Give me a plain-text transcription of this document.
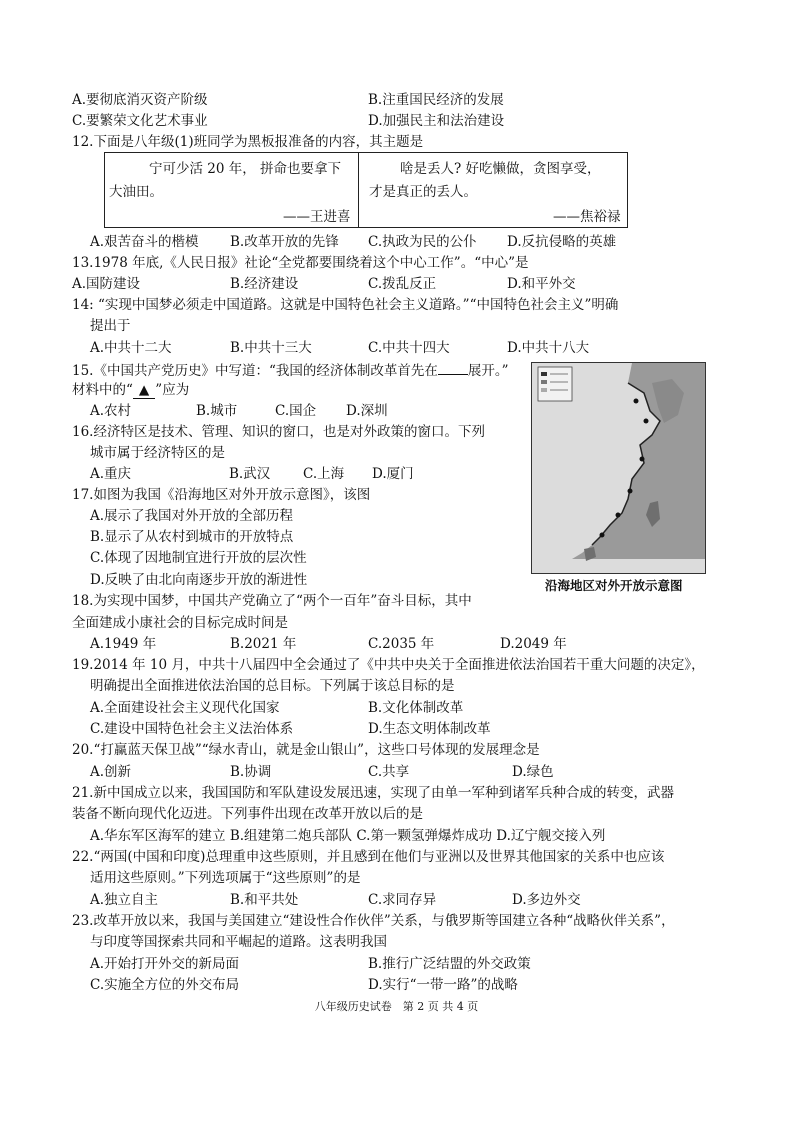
A.要彻底消灭资产阶级	B.注重国民经济的发展
C.要繁荣文化艺术事业	D.加强民主和法治建设
12.下面是八年级(1)班同学为黑板报准备的内容，其主题是
宁可少活 20 年， 拼命也要拿下
大油田。
——王进喜
啥是丢人? 好吃懒做，贪图享受，
才是真正的丢人。
——焦裕禄
A.艰苦奋斗的楷模 B.改革开放的先锋 C.执政为民的公仆 D.反抗侵略的英雄
13.1978 年底,《人民日报》社论“全党都要围绕着这个中心工作”。“中心”是
A.国防建设	B.经济建设	C.拨乱反正	D.和平外交
14: “实现中国梦必须走中国道路。这就是中国特色社会主义道路。”“中国特色社会主义”明确
提出于
A.中共十二大	B.中共十三大	C.中共十四大	D.中共十八大
15.《中国共产党历史》中写道：“我国的经济体制改革首先在 展开。”
材料中的“ ▲ ”应为
A.农村	B.城市	C.国企 D.深圳
16.经济特区是技术、管理、知识的窗口，也是对外政策的窗口。下列
城市属于经济特区的是
A.重庆	B.武汉 C.上海 D.厦门
17.如图为我国《沿海地区对外开放示意图》，该图
A.展示了我国对外开放的全部历程
B.显示了从农村到城市的开放特点
C.体现了因地制宜进行开放的层次性
D.反映了由北向南逐步开放的渐进性	沿海地区对外开放示意图
18.为实现中国梦，中国共产党确立了“两个一百年”奋斗目标，其中
全面建成小康社会的目标完成时间是
A.1949 年	B.2021 年	C.2035 年	D.2049 年
19.2014 年 10 月，中共十八届四中全会通过了《中共中央关于全面推进依法治国若干重大问题的决定》，
明确提出全面推进依法治国的总目标。下列属于该总目标的是
A.全面建设社会主义现代化国家	B.文化体制改革
C.建设中国特色社会主义法治体系	D.生态文明体制改革
20.“打赢蓝天保卫战”“绿水青山，就是金山银山”，这些口号体现的发展理念是
A.创新	B.协调	C.共享	D.绿色
21.新中国成立以来，我国国防和军队建设发展迅速，实现了由单一军种到诸军兵种合成的转变，武器
装备不断向现代化迈进。下列事件出现在改革开放以后的是
A.华东军区海军的建立 B.组建第二炮兵部队 C.第一颗氢弹爆炸成功 D.辽宁舰交接入列
22.“两国(中国和印度)总理重申这些原则，并且感到在他们与亚洲以及世界其他国家的关系中也应该
适用这些原则。”下列选项属于“这些原则”的是
A.独立自主	B.和平共处	C.求同存异	D.多边外交
23.改革开放以来，我国与美国建立“建设性合作伙伴”关系，与俄罗斯等国建立各种“战略伙伴关系”，
与印度等国探索共同和平崛起的道路。这表明我国
A.开始打开外交的新局面	B.推行广泛结盟的外交政策
C.实施全方位的外交布局	D.实行“一带一路”的战略
八年级历史试卷　第 2 页 共 4 页
